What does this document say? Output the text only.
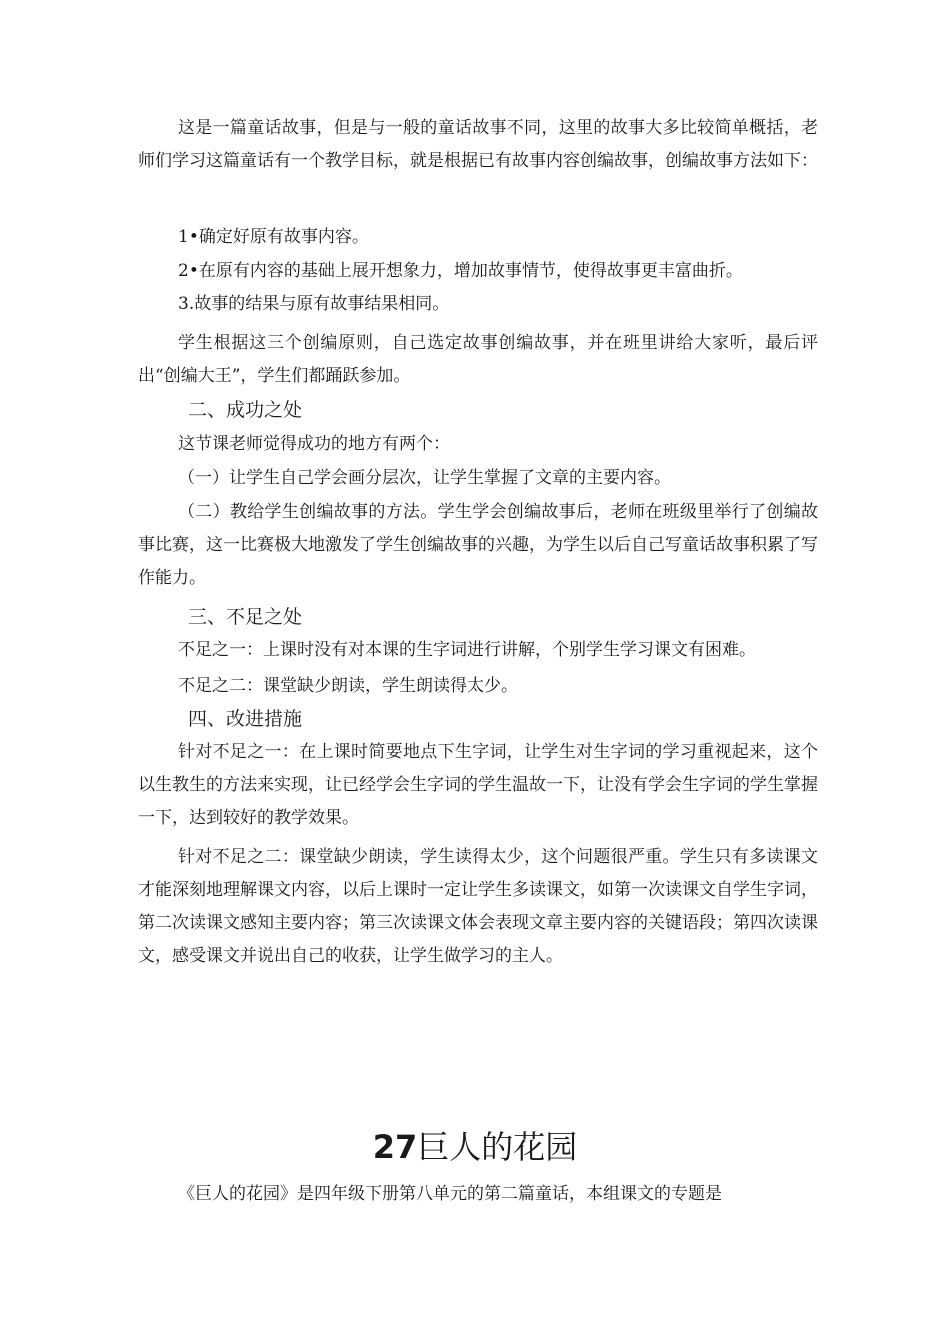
这是一篇童话故事，但是与一般的童话故事不同，这里的故事大多比较简单概括，老师们学习这篇童话有一个教学目标，就是根据已有故事内容创编故事，创编故事方法如下：

1•确定好原有故事内容。

2•在原有内容的基础上展开想象力，增加故事情节，使得故事更丰富曲折。

3.故事的结果与原有故事结果相同。

学生根据这三个创编原则，自己选定故事创编故事，并在班里讲给大家听，最后评出“创编大王”，学生们都踊跃参加。

二、成功之处

这节课老师觉得成功的地方有两个：

（一）让学生自己学会画分层次，让学生掌握了文章的主要内容。

（二）教给学生创编故事的方法。学生学会创编故事后，老师在班级里举行了创编故事比赛，这一比赛极大地激发了学生创编故事的兴趣，为学生以后自己写童话故事积累了写作能力。

三、不足之处

不足之一：上课时没有对本课的生字词进行讲解，个别学生学习课文有困难。

不足之二：课堂缺少朗读，学生朗读得太少。

四、改进措施

针对不足之一：在上课时简要地点下生字词，让学生对生字词的学习重视起来，这个以生教生的方法来实现，让已经学会生字词的学生温故一下，让没有学会生字词的学生掌握一下，达到较好的教学效果。

针对不足之二：课堂缺少朗读，学生读得太少，这个问题很严重。学生只有多读课文才能深刻地理解课文内容，以后上课时一定让学生多读课文，如第一次读课文自学生字词，第二次读课文感知主要内容；第三次读课文体会表现文章主要内容的关键语段；第四次读课文，感受课文并说出自己的收获，让学生做学习的主人。

27巨人的花园

《巨人的花园》是四年级下册第八单元的第二篇童话，本组课文的专题是
